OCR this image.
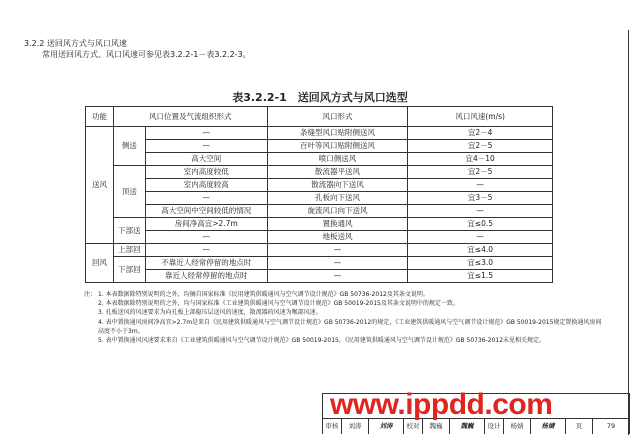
3.2.2 送回风方式与风口风速
常用送回风方式、风口风速可参见表3.2.2-1－表3.2.2-3。
表3.2.2-1　送回风方式与风口选型
功能	风口位置及气流组织形式		风口形式	风口风速(m/s)
送风	侧送	—	条缝型风口贴附侧送风	宜2－4
		—	百叶等风口贴附侧送风	宜2－5
		高大空间	喷口侧送风	宜4－10
	顶送	室内高度较低	散流器平送风	宜2－5
		室内高度较高	散流器向下送风	—
		—	孔板向下送风	宜3－5
		高大空间中空间较低的情况	旋流风口向下送风	—
	下部送	房间净高宜>2.7m	置换通风	宜≤0.5
		—	地板送风	—
回风	上部回	—	—	宜≤4.0
	下部回	不靠近人经常停留的地点时	—	宜≤3.0
		靠近人经常停留的地点时	—	宜≤1.5
注： 1. 本表数据除特别说明的之外，均摘自国家标准《民用建筑供暖通风与空气调节设计规范》GB 50736-2012及其条文说明。
2. 本表数据除特别说明的之外，均与国家标准《工业建筑供暖通风与空气调节设计规范》GB 50019-2015及其条文说明中的规定一致。
3. 孔板送风的风速要求为向孔板上部稳压层送风的速度，散流器的风速为喉部风速。
4. 表中置换通风房间净高宜>2.7m是来自《民用建筑供暖通风与空气调节设计规范》GB 50736-2012的规定，《工业建筑供暖通风与空气调节设计规范》GB 50019-2015规定置换通风房间高度不小于3m。
5. 表中置换通风风速要求来自《工业建筑供暖通风与空气调节设计规范》GB 50019-2015，《民用建筑供暖通风与空气调节设计规范》GB 50736-2012未见相关规定。
审核	刘涛	刘涛	校对	魏巍	魏巍	设计	杨婧	杨婧	页	79
www.ippdd.com
